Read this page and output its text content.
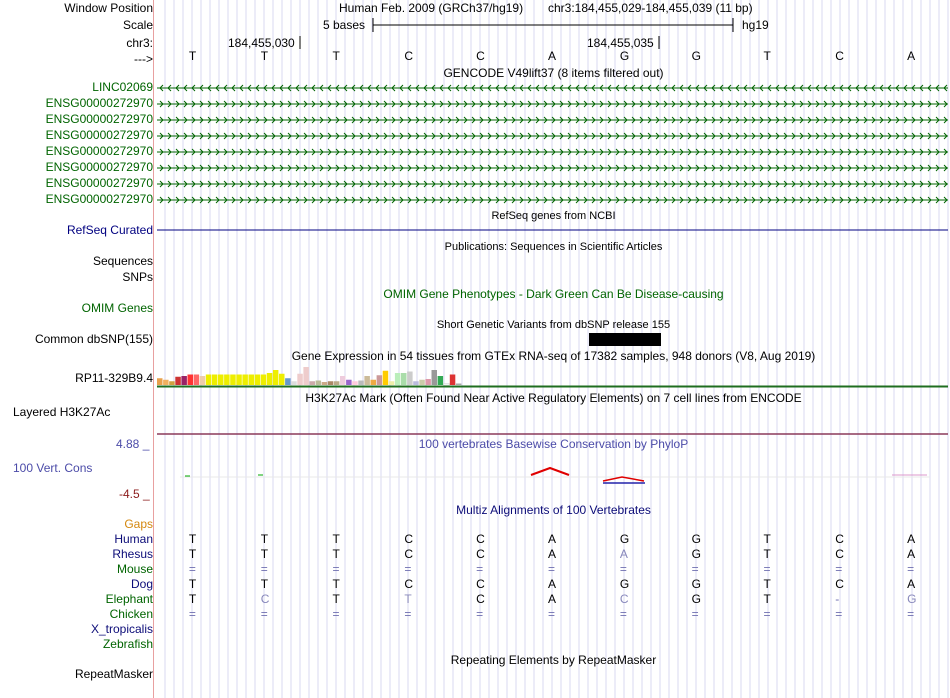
Window Position	Human Feb. 2009 (GRCh37/hg19) chr3:184,455,029-184,455,039 (11 bp)
Scale	5 bases	hg19
chr3:	184,455,030	184,455,035
--->	T	T	T	C	C	A	G	G	T	C	A
GENCODE V49lift37 (8 items filtered out)
LINC02069
ENSG00000272970
ENSG00000272970
ENSG00000272970
ENSG00000272970
ENSG00000272970
ENSG00000272970
ENSG00000272970
RefSeq genes from NCBI
RefSeq Curated
Publications: Sequences in Scientific Articles
Sequences
SNPs
OMIM Gene Phenotypes - Dark Green Can Be Disease-causing
OMIM Genes
Short Genetic Variants from dbSNP release 155
Common dbSNP(155)
Gene Expression in 54 tissues from GTEx RNA-seq of 17382 samples, 948 donors (V8, Aug 2019)
RP11-329B9.4
H3K27Ac Mark (Often Found Near Active Regulatory Elements) on 7 cell lines from ENCODE
Layered H3K27Ac
4.88 _	100 vertebrates Basewise Conservation by PhyloP
100 Vert. Cons
-4.5 _
Multiz Alignments of 100 Vertebrates
Gaps
Human	T	T	T	C	C	A	G	G	T	C	A
Rhesus	T	T	T	C	C	A	A	G	T	C	A
Mouse	=	=	=	=	=	=	=	=	=	=	=
Dog	T	T	T	C	C	A	G	G	T	C	A
Elephant	T	C	T	T	C	A	C	G	T	-	G
Chicken	=	=	=	=	=	=	=	=	=	=	=
X_tropicalis
Zebrafish
Repeating Elements by RepeatMasker
RepeatMasker
